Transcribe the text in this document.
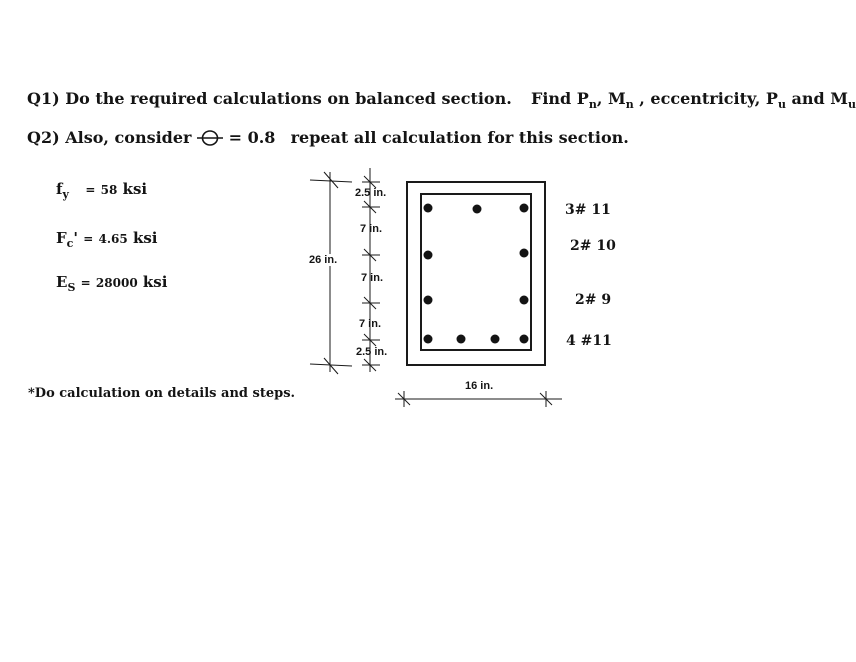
Q1) Do the required calculations on balanced section. Find $P_n$, $M_n$ , eccentricity, $P_u$ and $M_u$
Q2) Also, consider = 0.8 repeat all calculation for this section.
$f_y = 58$ ksi
$F_c' = 4.65$ ksi
$E_S = 28000$ ksi
*Do calculation on details and steps.
2.5 in.
7 in.
7 in.
7 in.
2.5 in.
26 in.
16 in.
3# 11
2# 10
2# 9
4 #11
